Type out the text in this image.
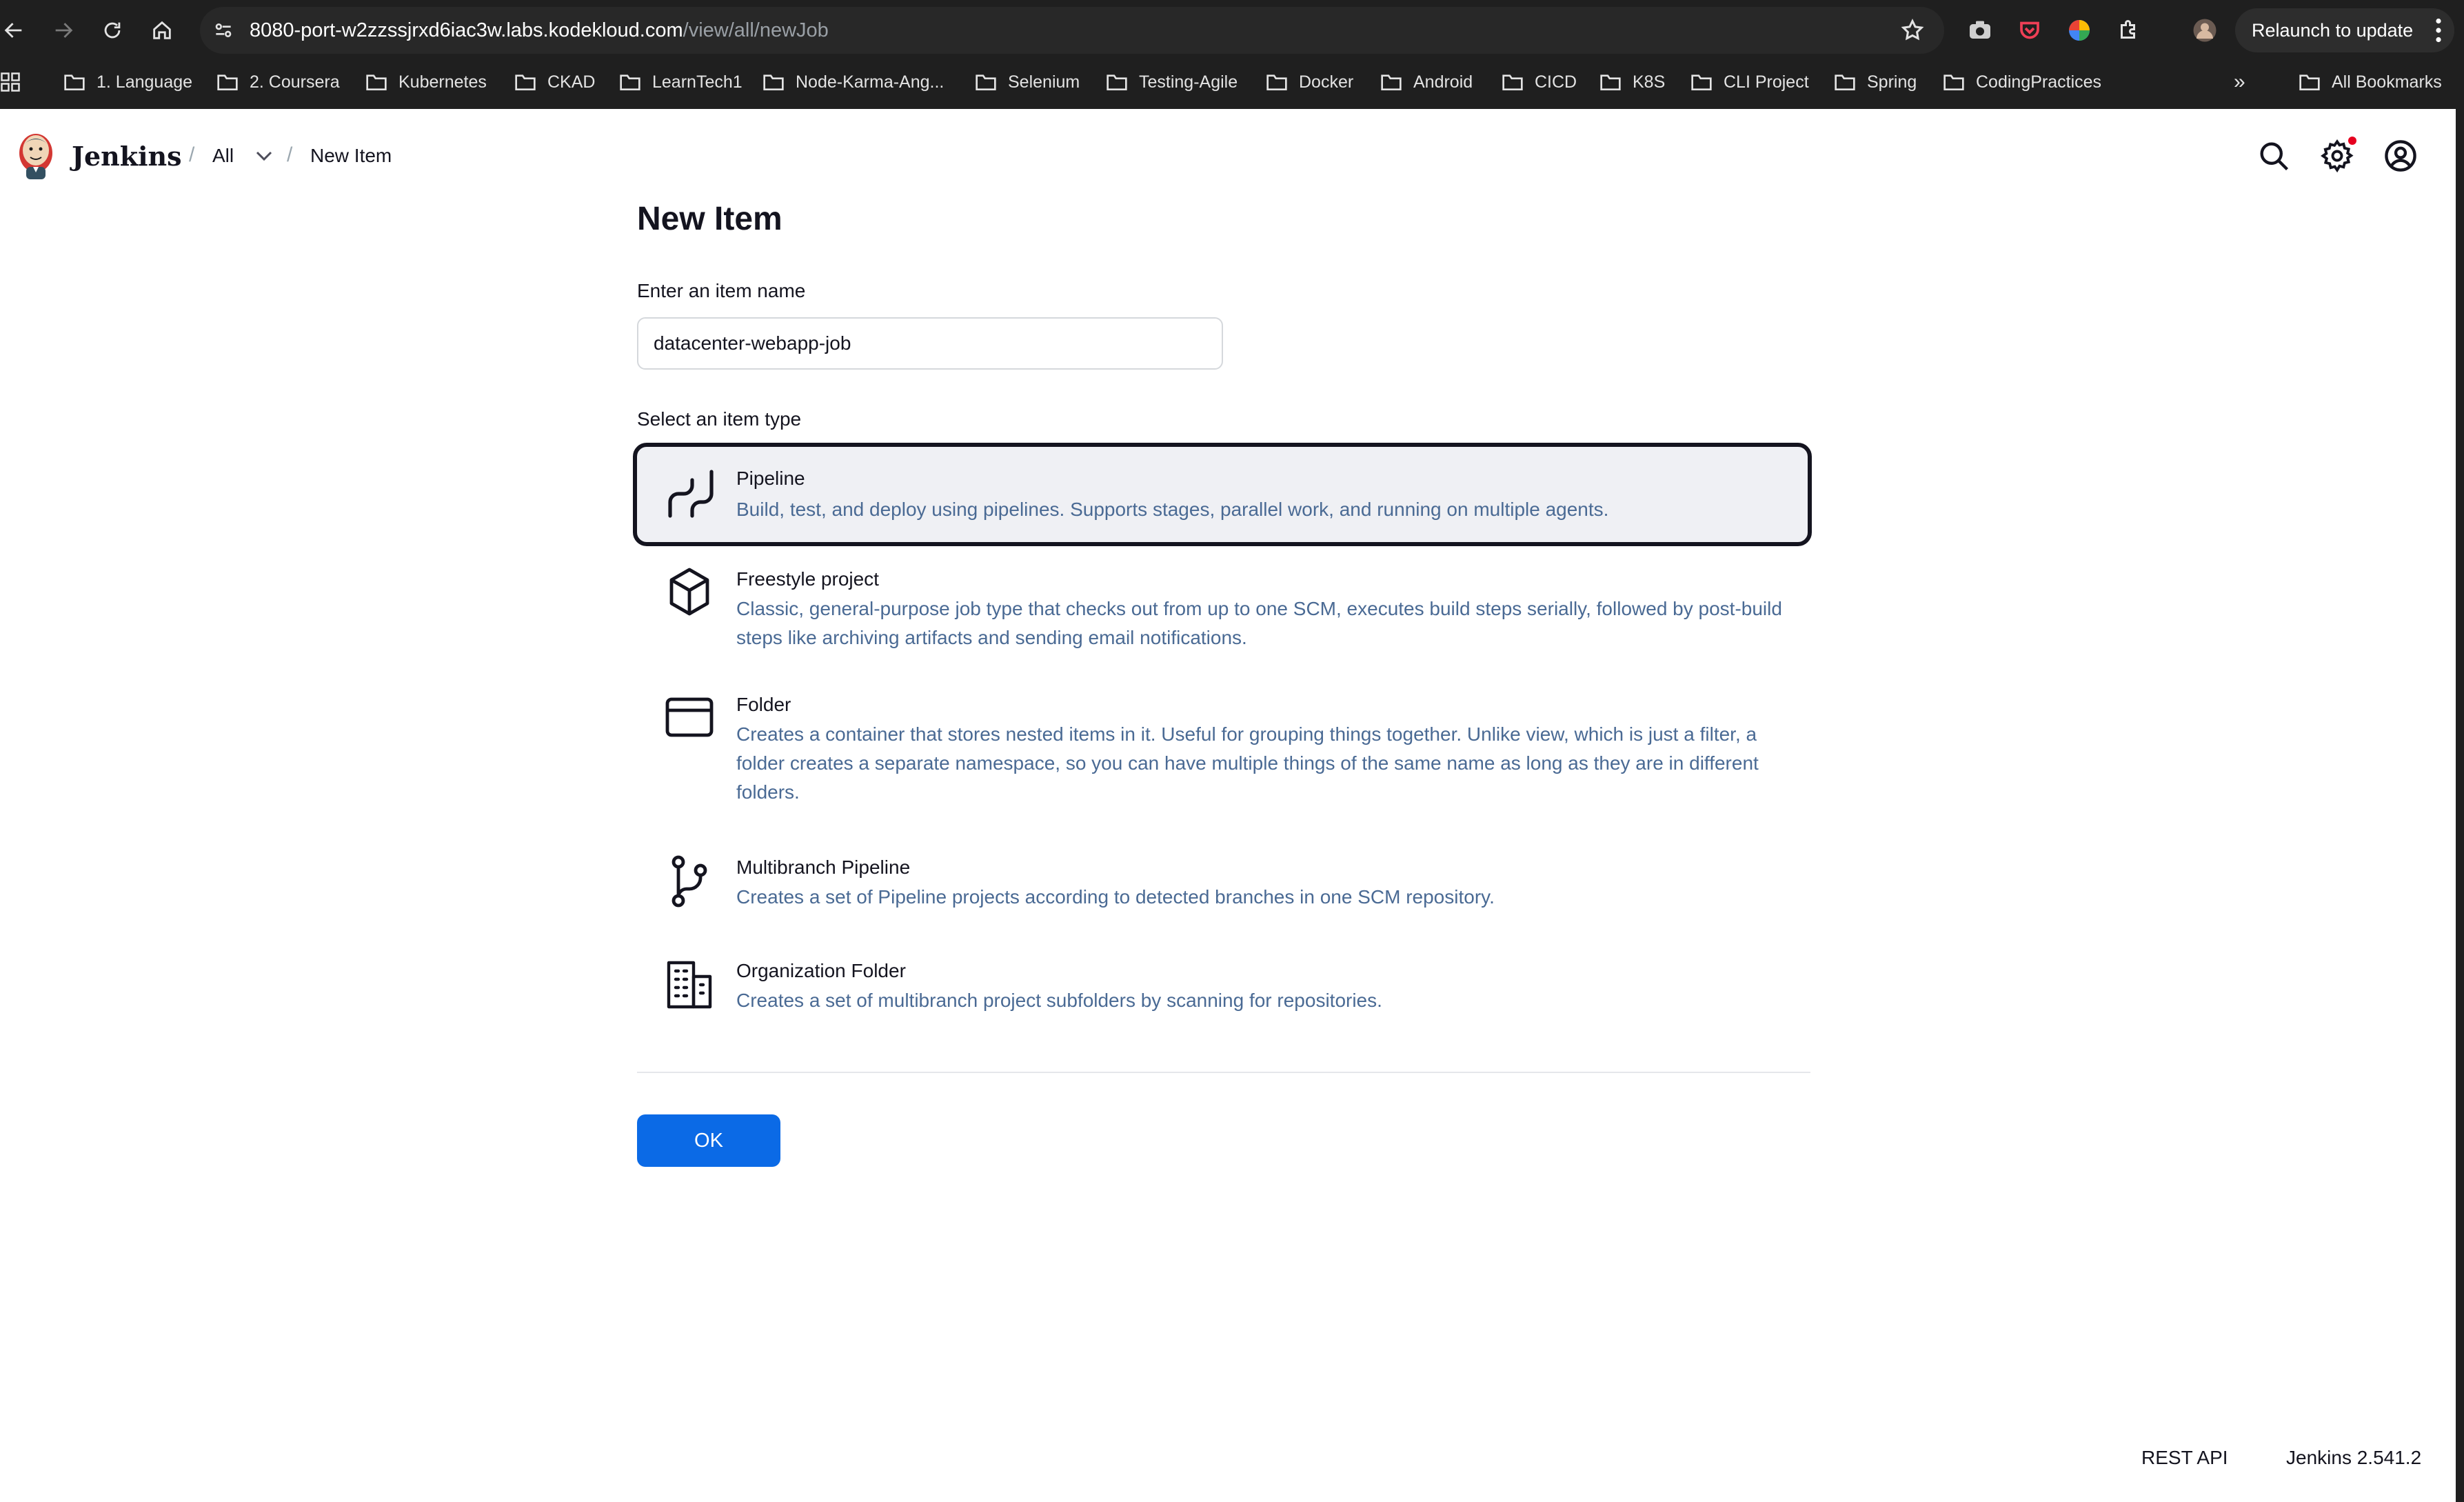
8080-port-w2zzssjrxd6iac3w.labs.kodekloud.com/view/all/newJob	Relaunch to update
1. Language	2. Coursera	Kubernetes	CKAD	LearnTech1	Node-Karma-Ang...	Selenium	Testing-Agile	Docker	Android	CICD	K8S	CLI Project	Spring	CodingPractices	»	All Bookmarks
Jenkins / All	/ New Item
New Item
Enter an item name
datacenter-webapp-job
Select an item type
Pipeline
Build, test, and deploy using pipelines. Supports stages, parallel work, and running on multiple agents.
Freestyle project
Classic, general-purpose job type that checks out from up to one SCM, executes build steps serially, followed by post-build steps like archiving artifacts and sending email notifications.
Folder
Creates a container that stores nested items in it. Useful for grouping things together. Unlike view, which is just a filter, a folder creates a separate namespace, so you can have multiple things of the same name as long as they are in different folders.
Multibranch Pipeline
Creates a set of Pipeline projects according to detected branches in one SCM repository.
Organization Folder
Creates a set of multibranch project subfolders by scanning for repositories.
OK
REST API	Jenkins 2.541.2
